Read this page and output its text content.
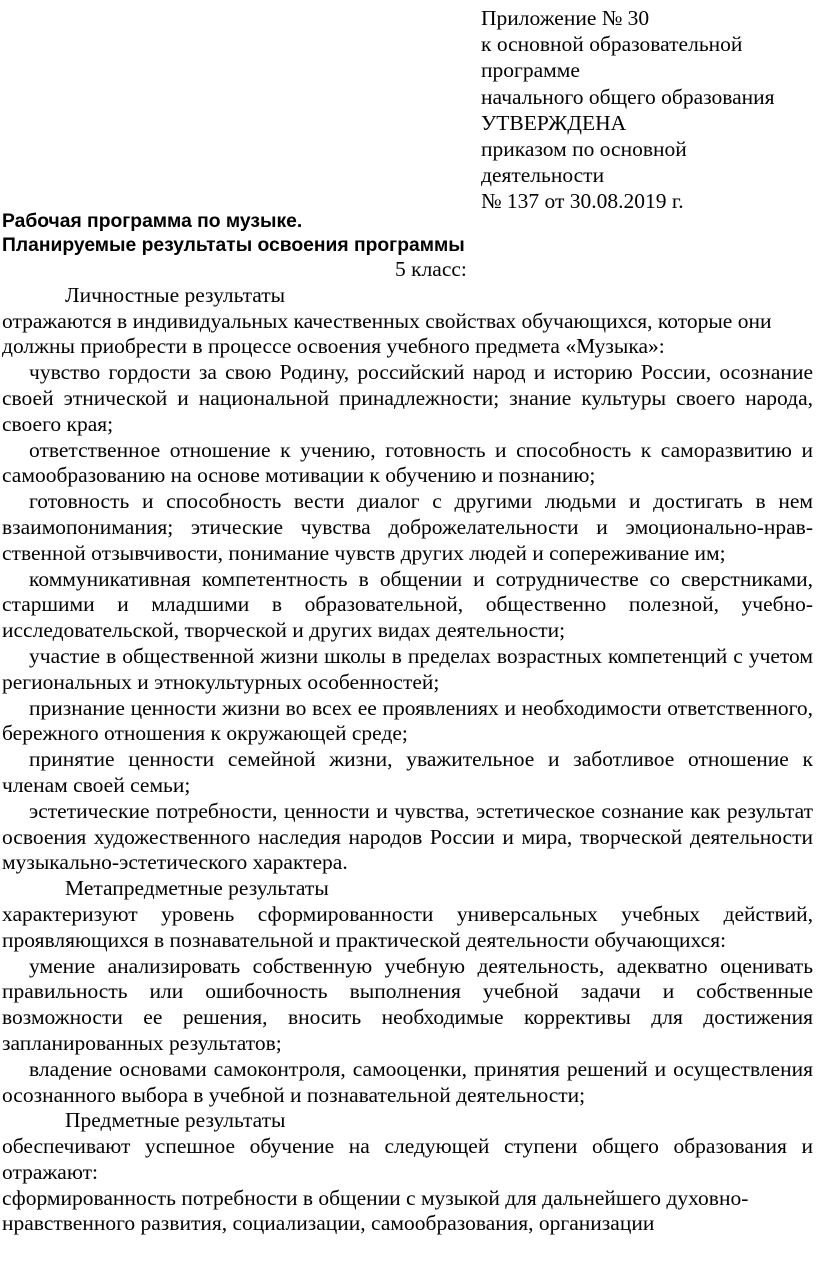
Приложение № 30
к основной образовательной
программе
начального общего образования
УТВЕРЖДЕНА
приказом по основной
деятельности
№ 137 от 30.08.2019 г.
Рабочая программа по музыке.
Планируемые результаты освоения программы
5 класс:
Личностные результаты
отражаются в индивидуальных качественных свойствах обучающихся, которые они должны приобрести в процессе освоения учебного предмета «Музыка»:
чувство гордости за свою Родину, российский народ и историю России, осознание своей этнической и национальной принадлежности; знание культуры своего народа, своего края;
ответственное отношение к учению, готовность и способность к саморазвитию и самообразованию на основе мотивации к обучению и познанию;
готовность и способность вести диалог с другими людьми и достигать в нем взаимопонимания; этические чувства доброжелательности и эмоционально-нравственной отзывчивости, понимание чувств других людей и сопереживание им;
коммуникативная компетентность в общении и сотрудничестве со сверстниками, старшими и младшими в образовательной, общественно полезной, учебно-исследовательской, творческой и других видах деятельности;
участие в общественной жизни школы в пределах возрастных компетенций с учетом региональных и этнокультурных особенностей;
признание ценности жизни во всех ее проявлениях и необходимости ответственного, бережного отношения к окружающей среде;
принятие ценности семейной жизни, уважительное и заботливое отношение к членам своей семьи;
эстетические потребности, ценности и чувства, эстетическое сознание как результат освоения художественного наследия народов России и мира, творческой деятельности музыкально-эстетического характера.
Метапредметные результаты
характеризуют уровень сформированности универсальных учебных действий, проявляющихся в познавательной и практической деятельности обучающихся:
умение анализировать собственную учебную деятельность, адекватно оценивать правильность или ошибочность выполнения учебной задачи и собственные возможности ее решения, вносить необходимые коррективы для достижения запланированных результатов;
владение основами самоконтроля, самооценки, принятия решений и осуществления осознанного выбора в учебной и познавательной деятельности;
Предметные результаты
обеспечивают успешное обучение на следующей ступени общего образования и отражают:
сформированность потребности в общении с музыкой для дальнейшего духовно-
нравственного развития, социализации, самообразования, организации
